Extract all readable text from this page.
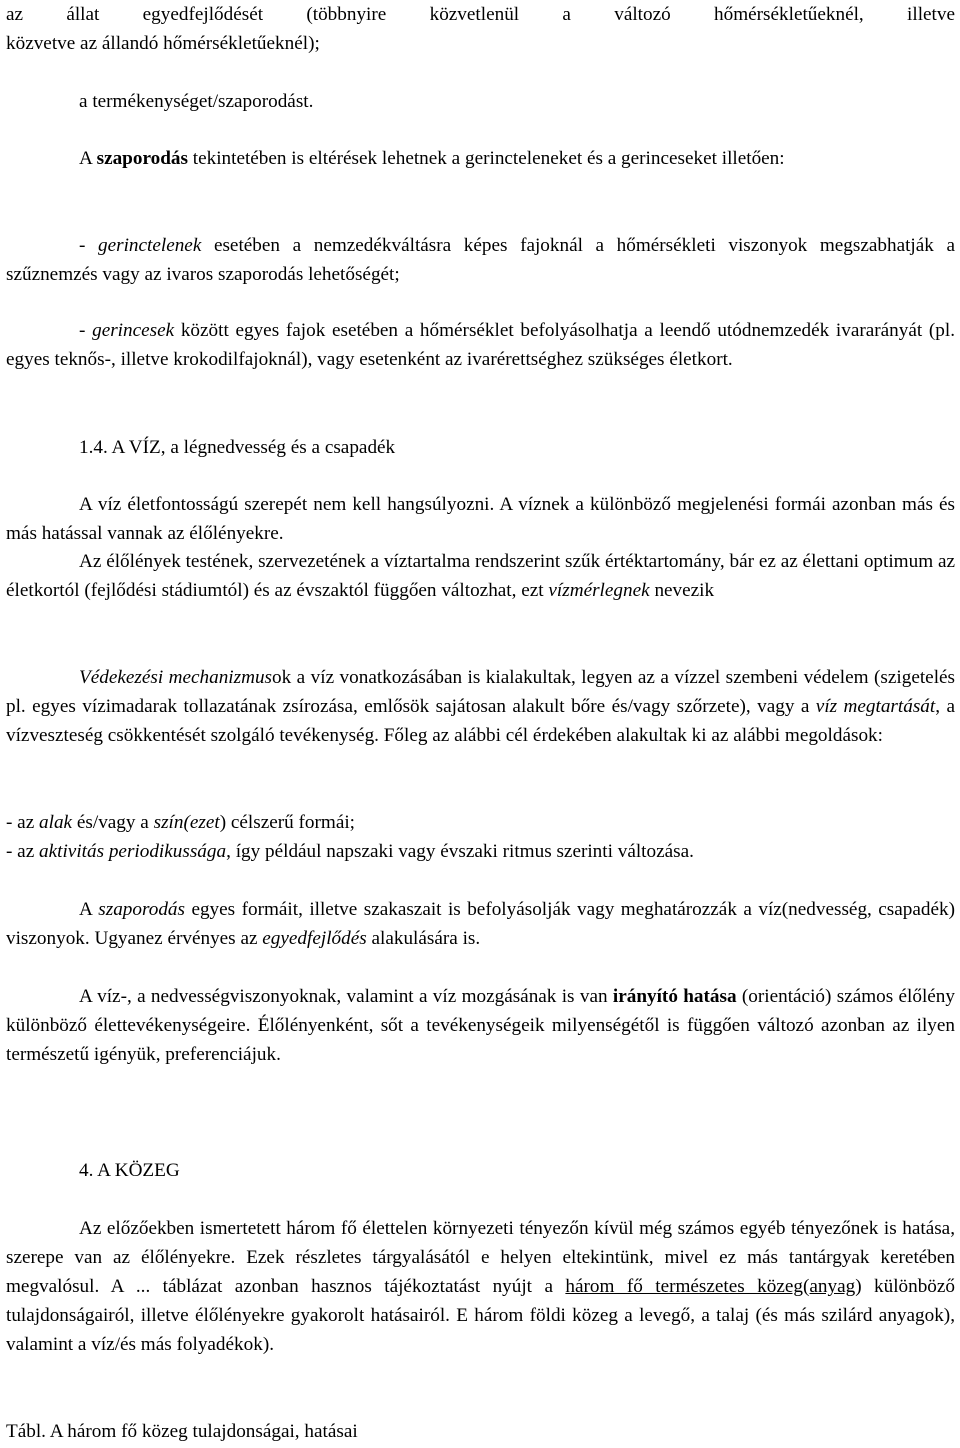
az állat egyedfejlődését (többnyire közvetlenül a változó hőmérsékletűeknél, illetve

közvetve az állandó hőmérsékletűeknél);

a termékenységet/szaporodást.

A szaporodás tekintetében is eltérések lehetnek a gerincteleneket és a gerinceseket illetően:

- gerinctelenek esetében a nemzedékváltásra képes fajoknál a hőmérsékleti viszonyok megszabhatják a szűznemzés vagy az ivaros szaporodás lehetőségét;

- gerincesek között egyes fajok esetében a hőmérséklet befolyásolhatja a leendő utódnemzedék ivararányát (pl. egyes teknős-, illetve krokodilfajoknál), vagy esetenként az ivarérettséghez szükséges életkort.

1.4. A VÍZ, a légnedvesség és a csapadék

A víz életfontosságú szerepét nem kell hangsúlyozni. A víznek a különböző megjelenési formái azonban más és más hatással vannak az élőlényekre.

Az élőlények testének, szervezetének a víztartalma rendszerint szűk értéktartomány, bár ez az élettani optimum az életkortól (fejlődési stádiumtól) és az évszaktól függően változhat, ezt vízmérlegnek nevezik

Védekezési mechanizmusok a víz vonatkozásában is kialakultak, legyen az a vízzel szembeni védelem (szigetelés pl. egyes vízimadarak tollazatának zsírozása, emlősök sajátosan alakult bőre és/vagy szőrzete), vagy a víz megtartását, a vízveszteség csökkentését szolgáló tevékenység. Főleg az alábbi cél érdekében alakultak ki az alábbi megoldások:

- az alak és/vagy a szín(ezet) célszerű formái;

- az aktivitás periodikussága, így például napszaki vagy évszaki ritmus szerinti változása.

A szaporodás egyes formáit, illetve szakaszait is befolyásolják vagy meghatározzák a víz(nedvesség, csapadék) viszonyok. Ugyanez érvényes az egyedfejlődés alakulására is.

A víz-, a nedvességviszonyoknak, valamint a víz mozgásának is van irányító hatása (orientáció) számos élőlény különböző élettevékenységeire. Élőlényenként, sőt a tevékenységeik milyenségétől is függően változó azonban az ilyen természetű igényük, preferenciájuk.

4. A KÖZEG

Az előzőekben ismertetett három fő élettelen környezeti tényezőn kívül még számos egyéb tényezőnek is hatása, szerepe van az élőlényekre. Ezek részletes tárgyalásától e helyen eltekintünk, mivel ez más tantárgyak keretében megvalósul. A ... táblázat azonban hasznos tájékoztatást nyújt a három fő természetes közeg(anyag) különböző tulajdonságairól, illetve élőlényekre gyakorolt hatásairól. E három földi közeg a levegő, a talaj (és más szilárd anyagok), valamint a víz/és más folyadékok).

Tábl. A három fő közeg tulajdonságai, hatásai
